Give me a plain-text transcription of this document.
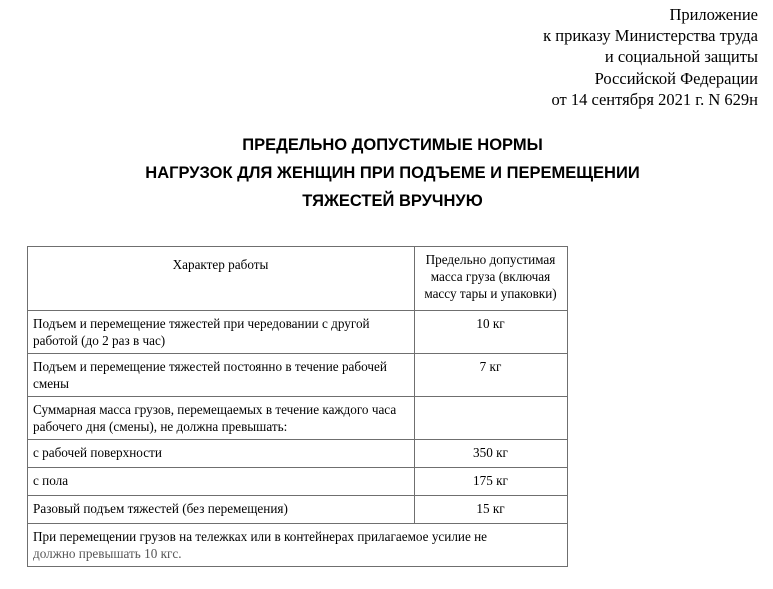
Приложение
к приказу Министерства труда
и социальной защиты
Российской Федерации
от 14 сентября 2021 г. N 629н
ПРЕДЕЛЬНО ДОПУСТИМЫЕ НОРМЫ
НАГРУЗОК ДЛЯ ЖЕНЩИН ПРИ ПОДЪЕМЕ И ПЕРЕМЕЩЕНИИ
ТЯЖЕСТЕЙ ВРУЧНУЮ
Характер работы	Предельно допустимая масса груза (включая массу тары и упаковки)
Подъем и перемещение тяжестей при чередовании с другой работой (до 2 раз в час)	10 кг
Подъем и перемещение тяжестей постоянно в течение рабочей смены	7 кг
Суммарная масса грузов, перемещаемых в течение каждого часа рабочего дня (смены), не должна превышать:	
с рабочей поверхности	350 кг
с пола	175 кг
Разовый подъем тяжестей (без перемещения)	15 кг
При перемещении грузов на тележках или в контейнерах прилагаемое усилие не
должно превышать 10 кгс.	
